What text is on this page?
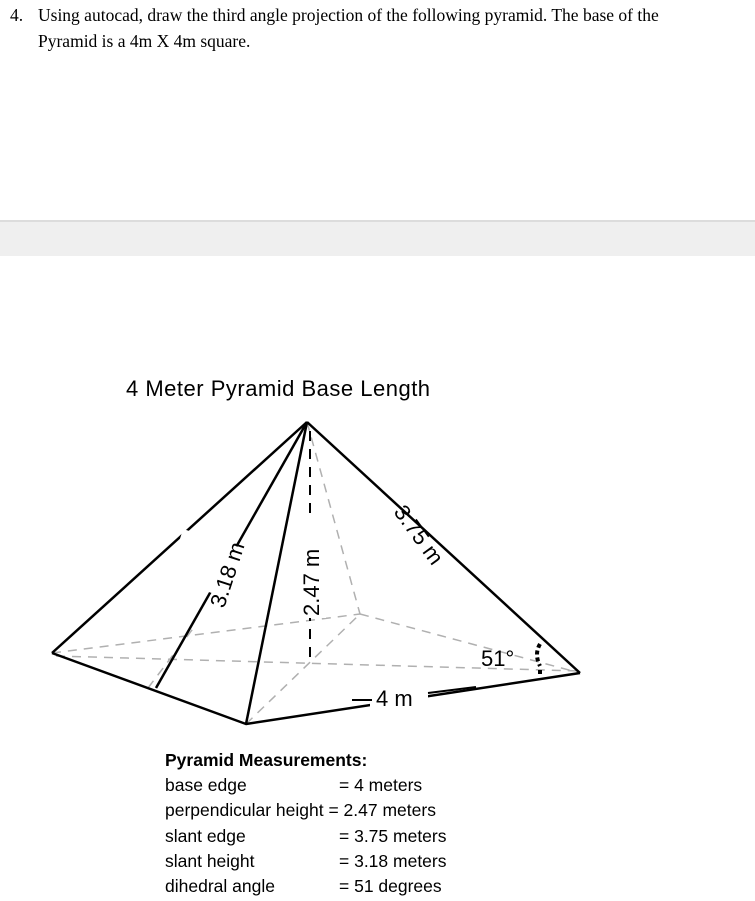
4. Using autocad, draw the third angle projection of the following pyramid. The base of the
Pyramid is a 4m X 4m square.
4 Meter Pyramid Base Length
3.18 m 2.47 m
3.75 m
51°
4 m
Pyramid Measurements:
base edge	= 4 meters
perpendicular height = 2.47 meters
slant edge	= 3.75 meters
slant height	= 3.18 meters
dihedral angle	= 51 degrees
